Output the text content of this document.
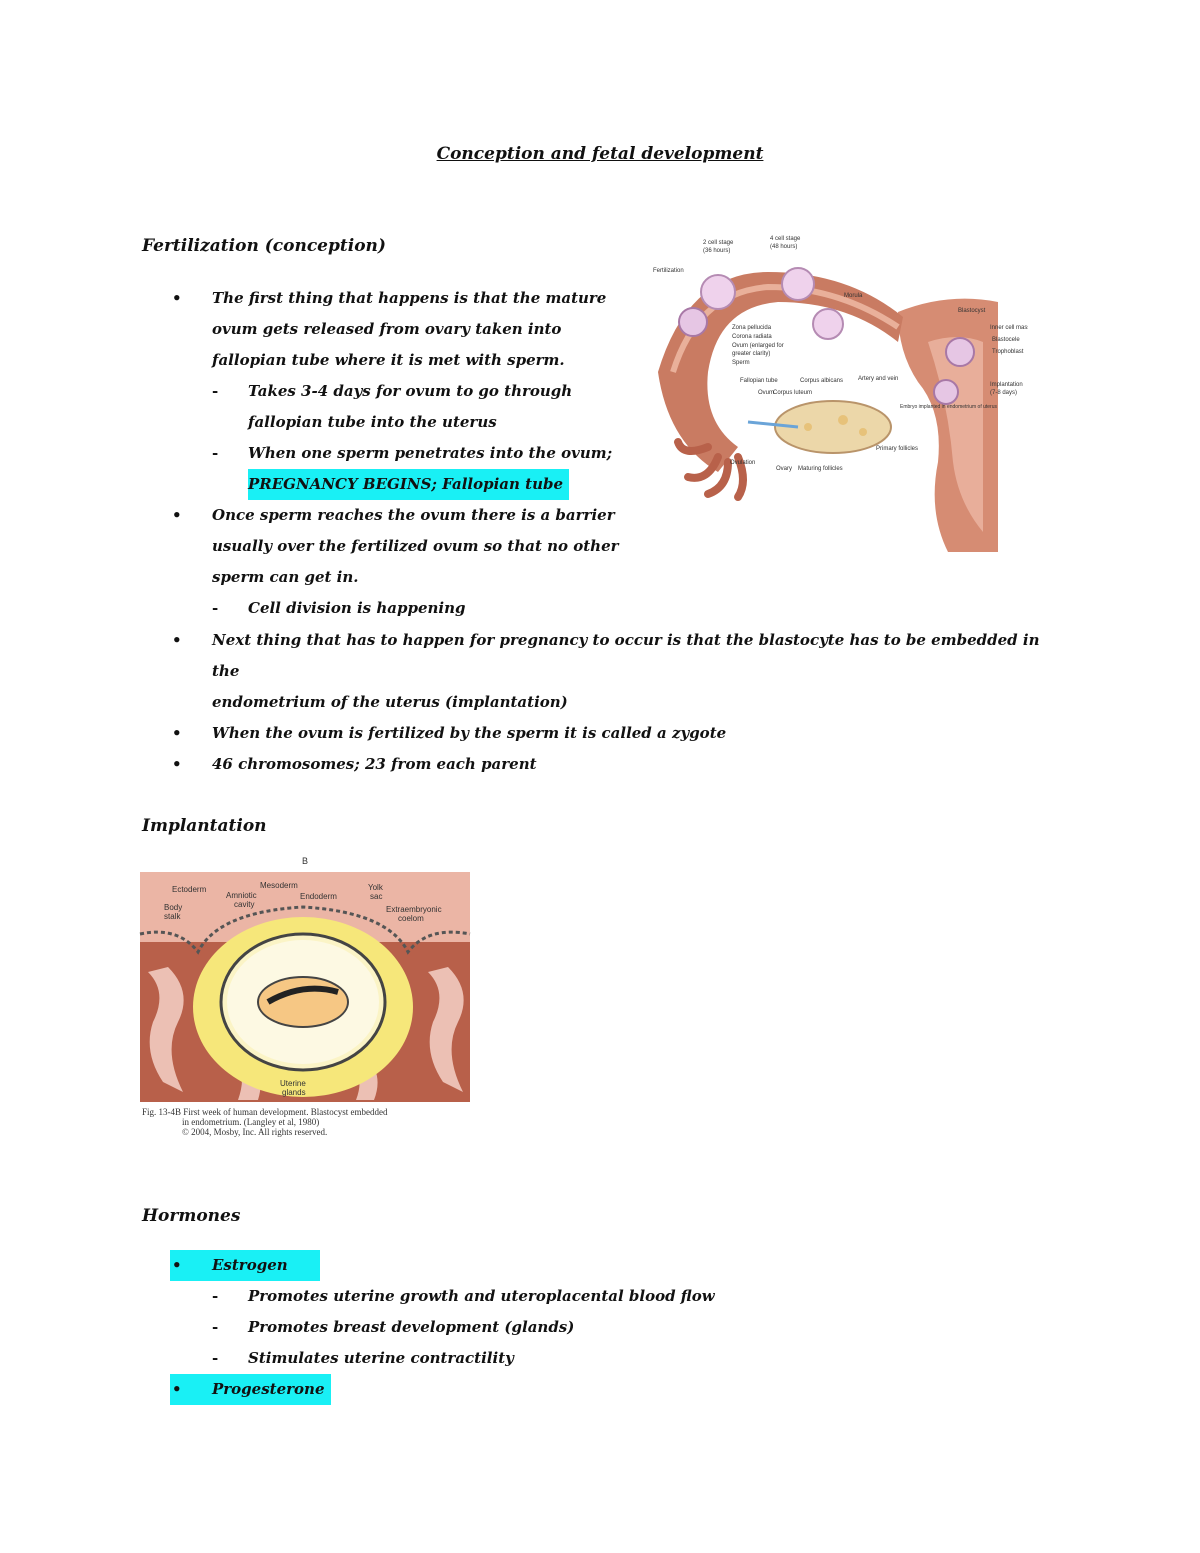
Conception and fetal development
Fertilization (conception)
• The first thing that happens is that the mature
ovum gets released from ovary taken into
fallopian tube where it is met with sperm.
- Takes 3-4 days for ovum to go through
fallopian tube into the uterus
- When one sperm penetrates into the ovum;
PREGNANCY BEGINS; Fallopian tube
• Once sperm reaches the ovum there is a barrier
usually over the fertilized ovum so that no other
sperm can get in.
- Cell division is happening
• Next thing that has to happen for pregnancy to occur is that the blastocyte has to be embedded in the
endometrium of the uterus (implantation)
• When the ovum is fertilized by the sperm it is called a zygote
• 46 chromosomes; 23 from each parent
2 cell stage
(36 hours)
4 cell stage
(48 hours)
Fertilization
Morula
Blastocyst
Inner cell mass
Blastocele
Trophoblast
Implantation
(7-8 days)
Zona pellucida
Corona radiata
Ovum (enlarged for
greater clarity)
Sperm
Fallopian tube
Ovum
Corpus albicans
Corpus luteum
Artery and vein
Embryo implanted in endometrium of uterus
Primary follicles
Ovulation
Ovary Maturing follicles
Implantation
B
Ectoderm	Mesoderm
Amniotic
cavity
Endoderm
Yolk
sac
Body
stalk
Extraembryonic
coelom
Uterine
glands
Fig. 13-4B First week of human development. Blastocyst embedded
in endometrium. (Langley et al, 1980)
© 2004, Mosby, Inc. All rights reserved.
Hormones
• Estrogen
- Promotes uterine growth and uteroplacental blood flow
- Promotes breast development (glands)
- Stimulates uterine contractility
• Progesterone
